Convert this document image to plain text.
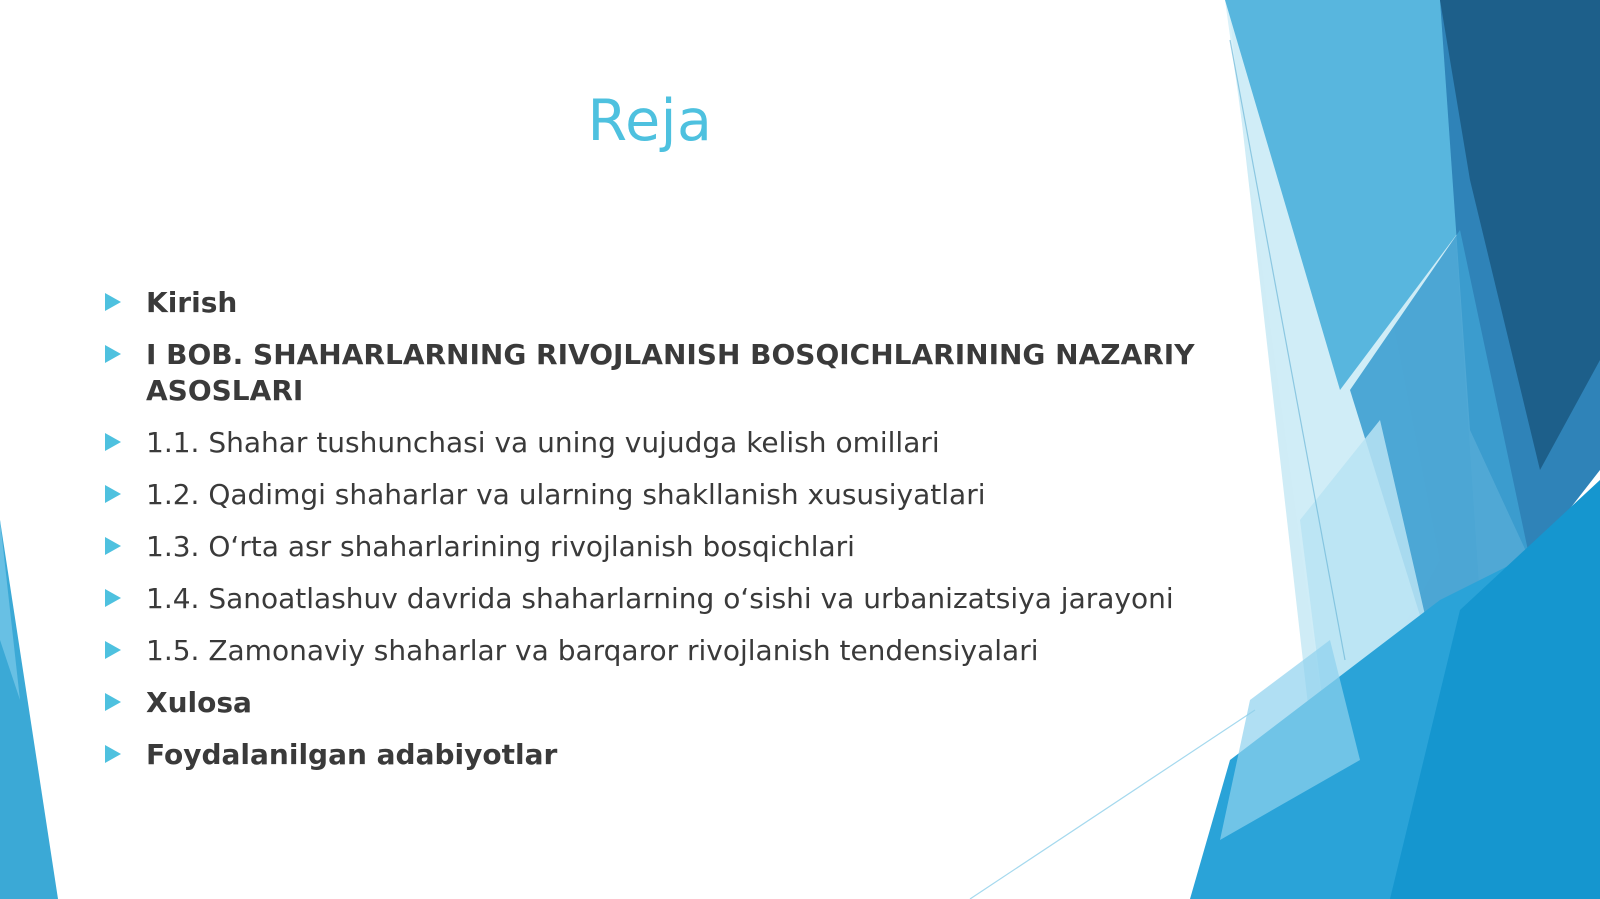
Reja
Kirish
I BOB. SHAHARLARNING RIVOJLANISH BOSQICHLARINING NAZARIY ASOSLARI
1.1. Shahar tushunchasi va uning vujudga kelish omillari
1.2. Qadimgi shaharlar va ularning shakllanish xususiyatlari
1.3. O‘rta asr shaharlarining rivojlanish bosqichlari
1.4. Sanoatlashuv davrida shaharlarning o‘sishi va urbanizatsiya jarayoni
1.5. Zamonaviy shaharlar va barqaror rivojlanish tendensiyalari
Xulosa
Foydalanilgan adabiyotlar
